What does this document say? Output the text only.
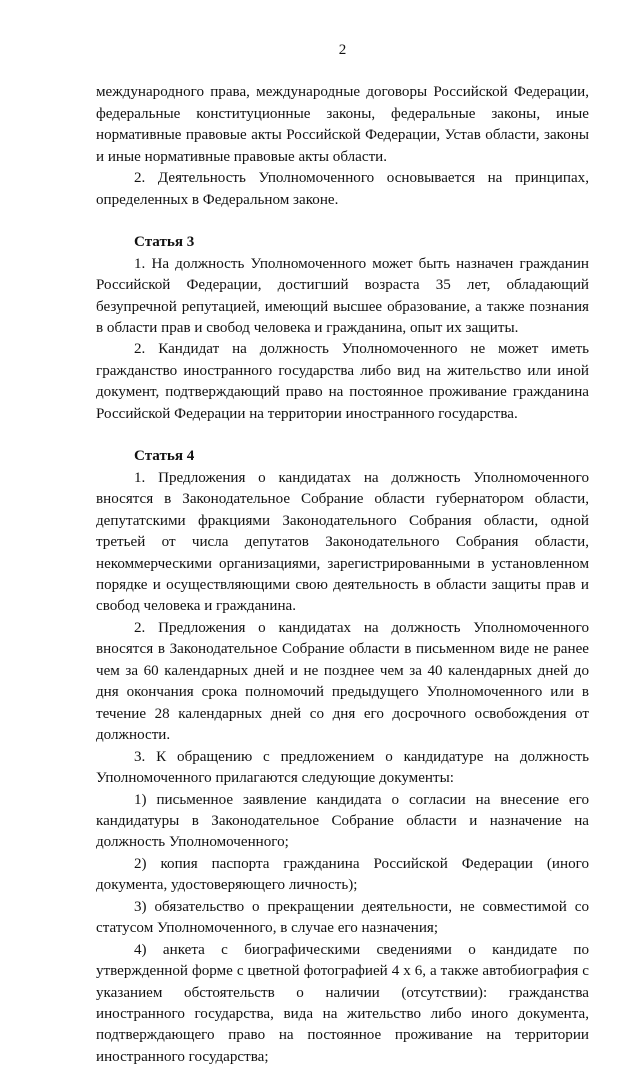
2

международного права, международные договоры Российской Федерации, федеральные конституционные законы, федеральные законы, иные нормативные правовые акты Российской Федерации, Устав области, законы и иные нормативные правовые акты области.

2. Деятельность Уполномоченного основывается на принципах, определенных в Федеральном законе.

Статья 3

1. На должность Уполномоченного может быть назначен гражданин Российской Федерации, достигший возраста 35 лет, обладающий безупречной репутацией, имеющий высшее образование, а также познания в области прав и свобод человека и гражданина, опыт их защиты.

2. Кандидат на должность Уполномоченного не может иметь гражданство иностранного государства либо вид на жительство или иной документ, подтверждающий право на постоянное проживание гражданина Российской Федерации на территории иностранного государства.

Статья 4

1. Предложения о кандидатах на должность Уполномоченного вносятся в Законодательное Собрание области губернатором области, депутатскими фракциями Законодательного Собрания области, одной третьей от числа депутатов Законодательного Собрания области, некоммерческими организациями, зарегистрированными в установленном порядке и осуществляющими свою деятельность в области защиты прав и свобод человека и гражданина.

2. Предложения о кандидатах на должность Уполномоченного вносятся в Законодательное Собрание области в письменном виде не ранее чем за 60 календарных дней и не позднее чем за 40 календарных дней до дня окончания срока полномочий предыдущего Уполномоченного или в течение 28 календарных дней со дня его досрочного освобождения от должности.

3. К обращению с предложением о кандидатуре на должность Уполномоченного прилагаются следующие документы:

1) письменное заявление кандидата о согласии на внесение его кандидатуры в Законодательное Собрание области и назначение на должность Уполномоченного;

2) копия паспорта гражданина Российской Федерации (иного документа, удостоверяющего личность);

3) обязательство о прекращении деятельности, не совместимой со статусом Уполномоченного, в случае его назначения;

4) анкета с биографическими сведениями о кандидате по утвержденной форме с цветной фотографией 4 х 6, а также автобиография с указанием обстоятельств о наличии (отсутствии): гражданства иностранного государства, вида на жительство либо иного документа, подтверждающего право на постоянное проживание на территории иностранного государства;
